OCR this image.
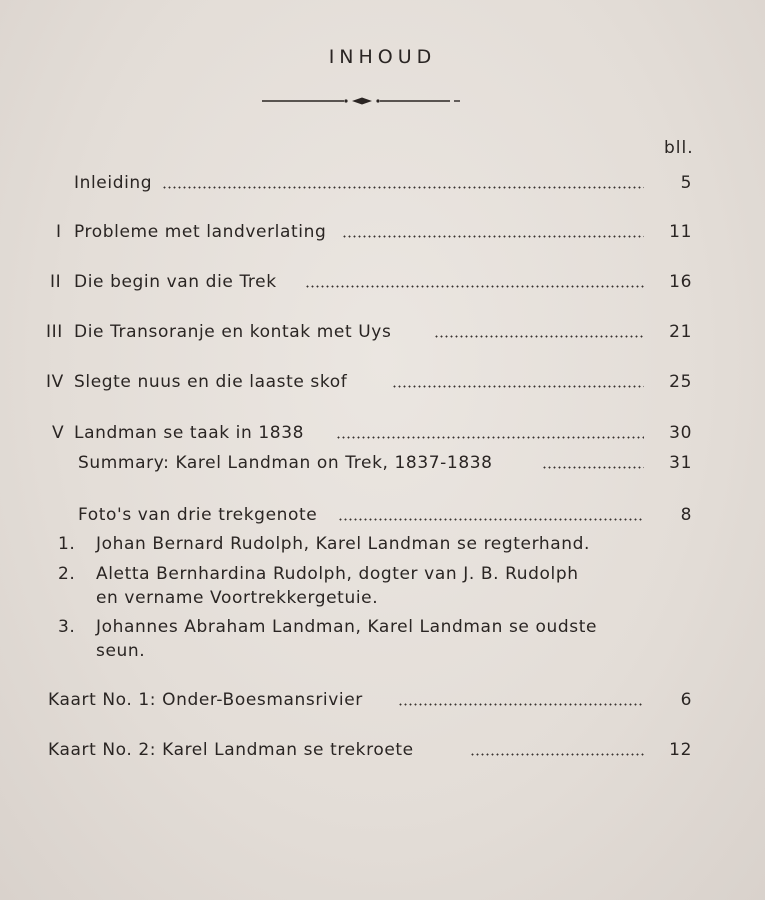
INHOUD
bll.
Inleiding	5
I Probleme met landverlating	11
II Die begin van die Trek	16
III Die Transoranje en kontak met Uys	21
IV Slegte nuus en die laaste skof	25
V Landman se taak in 1838	30
Summary: Karel Landman on Trek, 1837-1838	31
Foto's van drie trekgenote	8
1. Johan Bernard Rudolph, Karel Landman se regterhand.
2. Aletta Bernhardina Rudolph, dogter van J. B. Rudolph
en vername Voortrekkergetuie.
3. Johannes Abraham Landman, Karel Landman se oudste
seun.
Kaart No. 1: Onder-Boesmansrivier	6
Kaart No. 2: Karel Landman se trekroete	12
